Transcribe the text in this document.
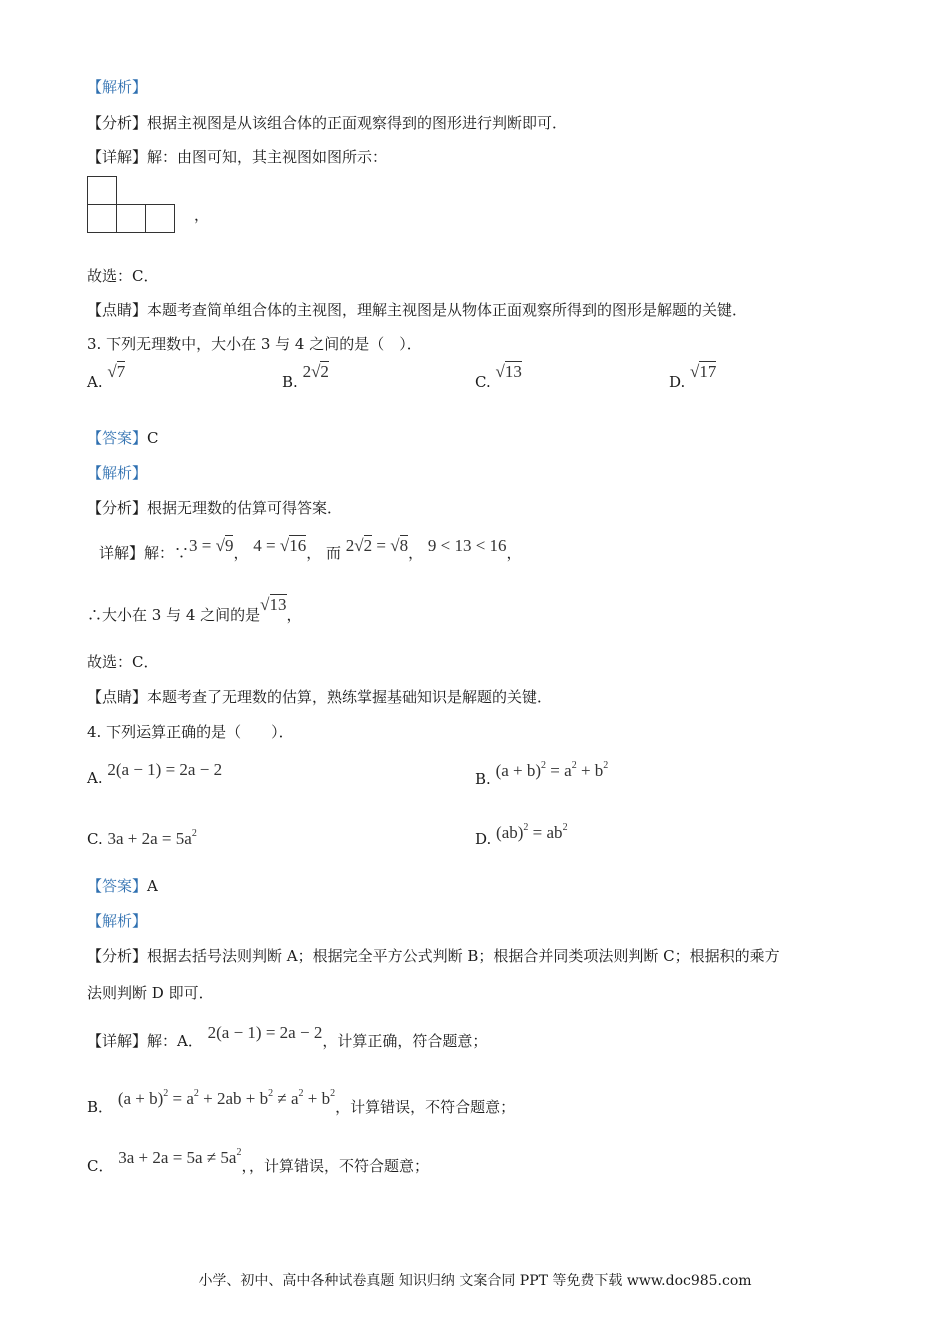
【解析】
【分析】根据主视图是从该组合体的正面观察得到的图形进行判断即可．
【详解】解：由图可知，其主视图如图所示：
，
故选：C．
【点睛】本题考查简单组合体的主视图，理解主视图是从物体正面观察所得到的图形是解题的关键．
3. 下列无理数中，大小在 3 与 4 之间的是（　）．
A. √7
B. 2√2
C. √13
D. √17
【答案】C
【解析】
【分析】根据无理数的估算可得答案．
详解】解：∵3 = √9， 4 = √16， 而 2√2 = √8， 9 < 13 < 16，
∴大小在 3 与 4 之间的是√13，
故选：C．
【点睛】本题考查了无理数的估算，熟练掌握基础知识是解题的关键．
4. 下列运算正确的是（　　）．
A. 2(a − 1) = 2a − 2	B. $(a + b)^2 = a^2 + b^2$
C. $3a + 2a = 5a^2$	D. $(ab)^2 = ab^2$
【答案】A
【解析】
【分析】根据去括号法则判断 A；根据完全平方公式判断 B；根据合并同类项法则判断 C；根据积的乘方
法则判断 D 即可．
【详解】解：A． 2(a − 1) = 2a − 2，计算正确，符合题意；
B． $(a + b)^2 = a^2 + 2ab + b^2 \ne a^2 + b^2$，计算错误，不符合题意；
C． $3a + 2a = 5a \ne 5a^2$，，计算错误，不符合题意；
小学、初中、高中各种试卷真题 知识归纳 文案合同 PPT 等免费下载 www.doc985.com
